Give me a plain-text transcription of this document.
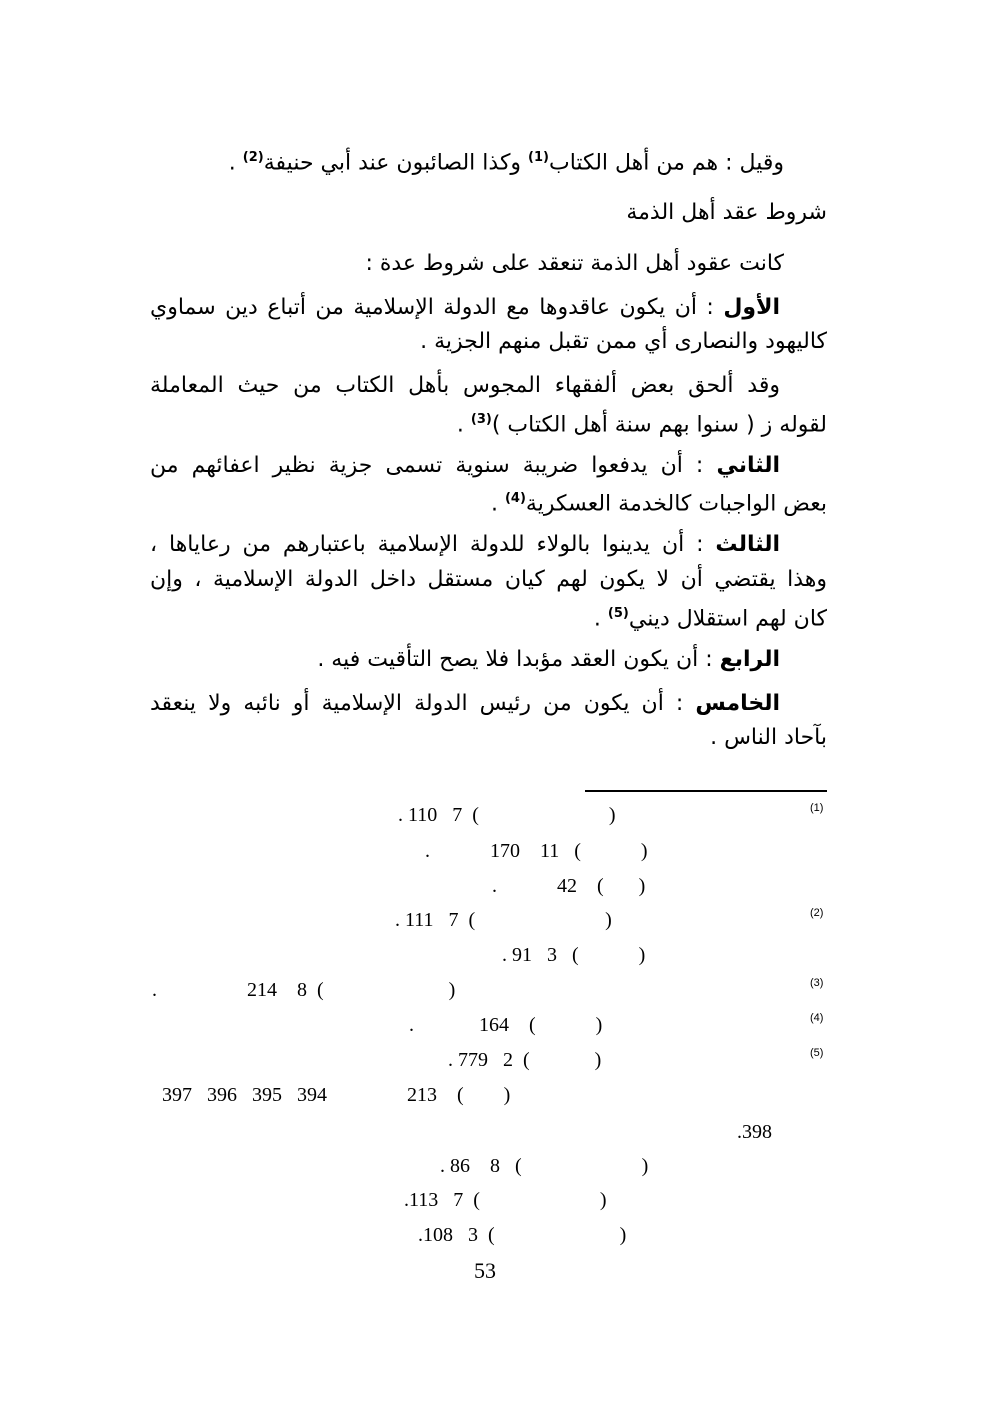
وقيل : هم من أهل الكتاب$^{(1)}$ وكذا الصائبون عند أبي حنيفة$^{(2)}$ .
شروط عقد أهل الذمة
كانت عقود أهل الذمة تنعقد على شروط عدة :
الأول : أن يكون عاقدوها مع الدولة الإسلامية من أتباع دين سماوي
كاليهود والنصارى أي ممن تقبل منهم الجزية .
وقد ألحق بعض ألفقهاء المجوس بأهل الكتاب من حيث المعاملة
لقوله ز ( سنوا بهم سنة أهل الكتاب )$^{(3)}$ .
الثاني : أن يدفعوا ضريبة سنوية تسمى جزية نظير اعفائهم من
بعض الواجبات كالخدمة العسكرية$^{(4)}$ .
الثالث : أن يدينوا بالولاء للدولة الإسلامية باعتبارهم من رعاياها ،
وهذا يقتضي أن لا يكون لهم كيان مستقل داخل الدولة الإسلامية ، وإن
كان لهم استقلال ديني$^{(5)}$ .
الرابع : أن يكون العقد مؤبدا فلا يصح التأقيت فيه .
الخامس : أن يكون من رئيس الدولة الإسلامية أو نائبه ولا ينعقد
بآحاد الناس .
(1)
(2)
(3)
(4)
(5)
. 110   7  (                          )
.            170    11   (            )
.            42    (       )
. 111   7  (                          )
. 91   3   (            )
.                  214    8  (                         )
.             164    (            )
. 779   2  (             )
397   396   395   394                213    (        )
.398
. 86    8   (                        )
.113   7  (                        )
.108   3  (                         )
53
